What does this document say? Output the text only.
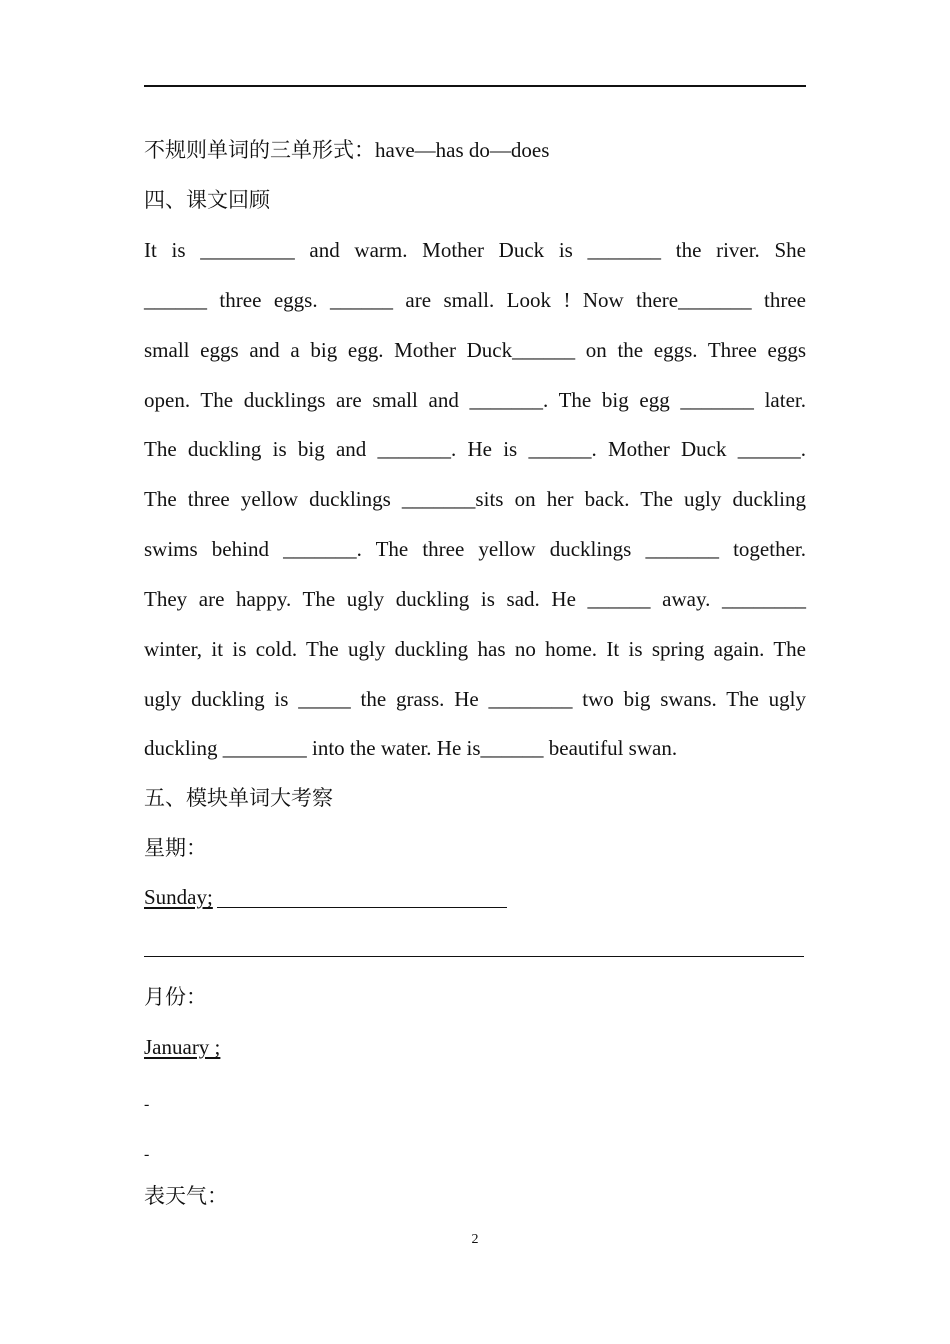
不规则单词的三单形式：have—has do—does
四、课文回顾
It is _________ and warm. Mother Duck is _______ the river. She
______ three eggs. ______ are small. Look ! Now there_______ three
small eggs and a big egg. Mother Duck______ on the eggs. Three eggs
open. The ducklings are small and _______. The big egg _______ later.
The duckling is big and _______. He is ______. Mother Duck ______.
The three yellow ducklings _______sits on her back. The ugly duckling
swims behind _______. The three yellow ducklings _______ together.
They are happy. The ugly duckling is sad. He ______ away. ________
winter, it is cold. The ugly duckling has no home. It is spring again. The
ugly duckling is _____ the grass. He ________ two big swans. The ugly
duckling ________ into the water. He is______ beautiful swan.
五、模块单词大考察
星期：
Sunday;
月份：
January ;
-
-
表天气：
2
